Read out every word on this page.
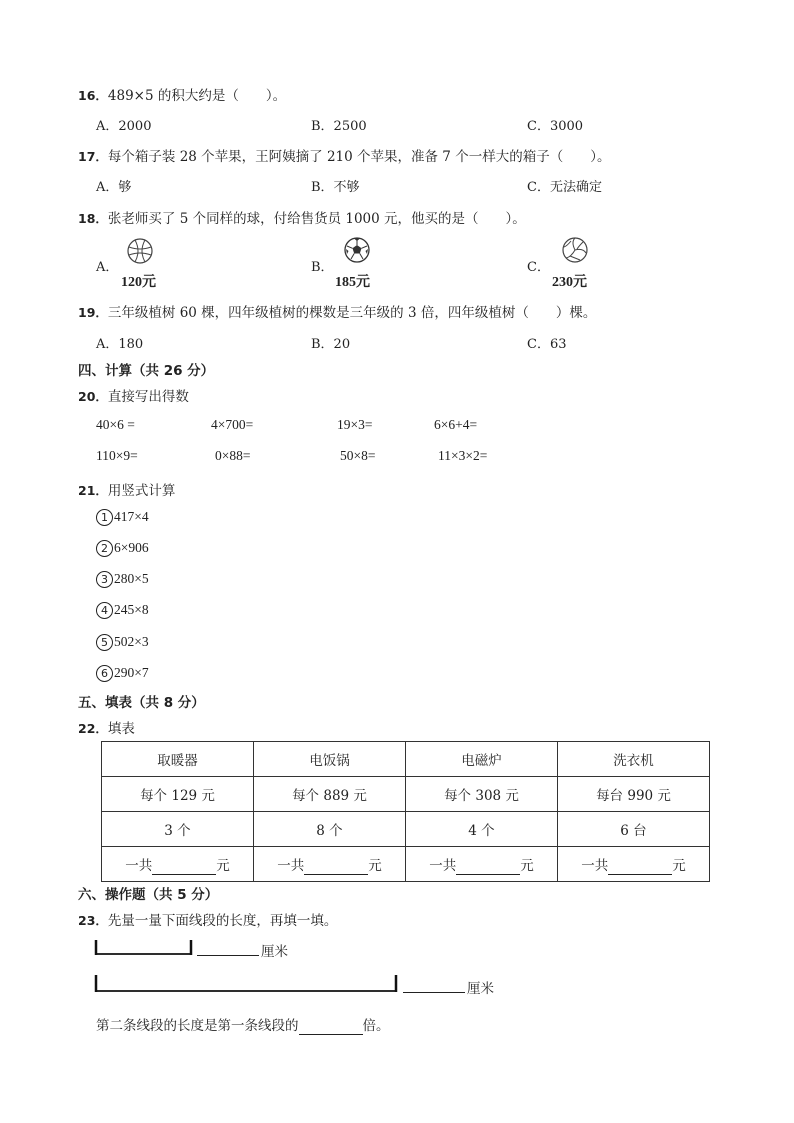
16．489×5 的积大约是（　　）。
A．2000	B．2500	C．3000
17．每个箱子装 28 个苹果，王阿姨摘了 210 个苹果，准备 7 个一样大的箱子（　　）。
A．够	B．不够	C．无法确定
18．张老师买了 5 个同样的球，付给售货员 1000 元，他买的是（　　）。
A．
120元
B．
185元
C．
230元
19．三年级植树 60 棵，四年级植树的棵数是三年级的 3 倍，四年级植树（　　）棵。
A．180	B．20	C．63
四、计算（共 26 分）
20．直接写出得数
40×6 =	4×700=	19×3=	6×6+4=
110×9=	0×88=	50×8=	11×3×2=
21．用竖式计算
1 417×4
2 6×906
3 280×5
4 245×8
5 502×3
6 290×7
五、填表（共 8 分）
22．填表
取暖器	电饭锅	电磁炉	洗衣机
每个 129 元	每个 889 元	每个 308 元	每台 990 元
3 个	8 个	4 个	6 台
一共 元	一共 元	一共 元	一共 元
六、操作题（共 5 分）
23．先量一量下面线段的长度，再填一填。
厘米
厘米
第二条线段的长度是第一条线段的	倍。
